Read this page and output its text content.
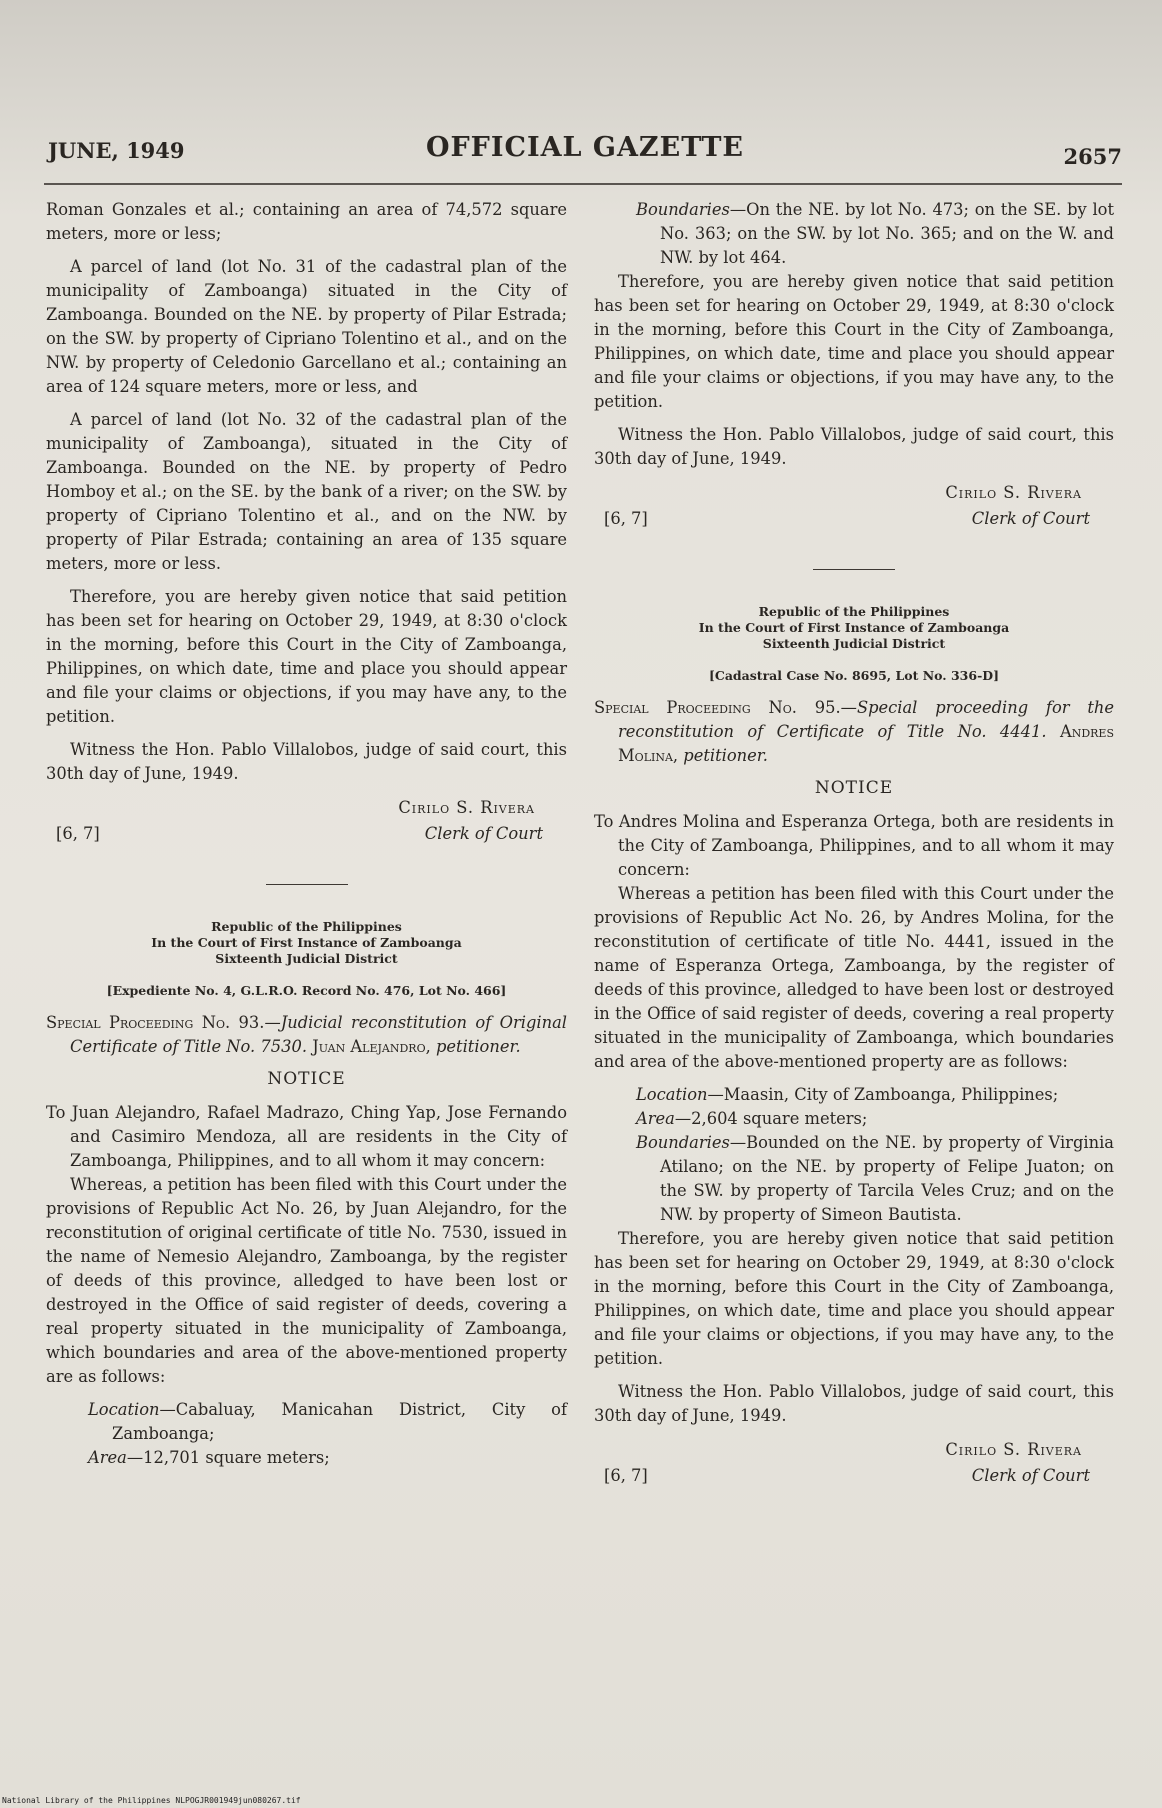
JUNE, 1949	OFFICIAL GAZETTE	2657

Roman Gonzales et al.; containing an area of 74,572 square meters, more or less;

A parcel of land (lot No. 31 of the cadastral plan of the municipality of Zamboanga) situated in the City of Zamboanga. Bounded on the NE. by property of Pilar Estrada; on the SW. by property of Cipriano Tolentino et al., and on the NW. by property of Celedonio Garcellano et al.; containing an area of 124 square meters, more or less, and

A parcel of land (lot No. 32 of the cadastral plan of the municipality of Zamboanga), situated in the City of Zamboanga. Bounded on the NE. by property of Pedro Homboy et al.; on the SE. by the bank of a river; on the SW. by property of Cipriano Tolentino et al., and on the NW. by property of Pilar Estrada; containing an area of 135 square meters, more or less.

Therefore, you are hereby given notice that said petition has been set for hearing on October 29, 1949, at 8:30 o'clock in the morning, before this Court in the City of Zamboanga, Philippines, on which date, time and place you should appear and file your claims or objections, if you may have any, to the petition.

Witness the Hon. Pablo Villalobos, judge of said court, this 30th day of June, 1949.

Cirilo S. Rivera
[6, 7]	Clerk of Court

Republic of the Philippines

In the Court of First Instance of Zamboanga

Sixteenth Judicial District

[Expediente No. 4, G.L.R.O. Record No. 476, Lot No. 466]

Special Proceeding No. 93.—Judicial reconstitution of Original Certificate of Title No. 7530. Juan Alejandro, petitioner.

NOTICE

To Juan Alejandro, Rafael Madrazo, Ching Yap, Jose Fernando and Casimiro Mendoza, all are residents in the City of Zamboanga, Philippines, and to all whom it may concern:

Whereas, a petition has been filed with this Court under the provisions of Republic Act No. 26, by Juan Alejandro, for the reconstitution of original certificate of title No. 7530, issued in the name of Nemesio Alejandro, Zamboanga, by the register of deeds of this province, alledged to have been lost or destroyed in the Office of said register of deeds, covering a real property situated in the municipality of Zamboanga, which boundaries and area of the above-mentioned property are as follows:

Location—Cabaluay, Manicahan District, City of Zamboanga;

Area—12,701 square meters;

Boundaries—On the NE. by lot No. 473; on the SE. by lot No. 363; on the SW. by lot No. 365; and on the W. and NW. by lot 464.

Therefore, you are hereby given notice that said petition has been set for hearing on October 29, 1949, at 8:30 o'clock in the morning, before this Court in the City of Zamboanga, Philippines, on which date, time and place you should appear and file your claims or objections, if you may have any, to the petition.

Witness the Hon. Pablo Villalobos, judge of said court, this 30th day of June, 1949.

Cirilo S. Rivera
[6, 7]	Clerk of Court

Republic of the Philippines

In the Court of First Instance of Zamboanga

Sixteenth Judicial District

[Cadastral Case No. 8695, Lot No. 336-D]

Special Proceeding No. 95.—Special proceeding for the reconstitution of Certificate of Title No. 4441. Andres Molina, petitioner.

NOTICE

To Andres Molina and Esperanza Ortega, both are residents in the City of Zamboanga, Philippines, and to all whom it may concern:

Whereas a petition has been filed with this Court under the provisions of Republic Act No. 26, by Andres Molina, for the reconstitution of certificate of title No. 4441, issued in the name of Esperanza Ortega, Zamboanga, by the register of deeds of this province, alledged to have been lost or destroyed in the Office of said register of deeds, covering a real property situated in the municipality of Zamboanga, which boundaries and area of the above-mentioned property are as follows:

Location—Maasin, City of Zamboanga, Philippines;

Area—2,604 square meters;

Boundaries—Bounded on the NE. by property of Virginia Atilano; on the NE. by property of Felipe Juaton; on the SW. by property of Tarcila Veles Cruz; and on the NW. by property of Simeon Bautista.

Therefore, you are hereby given notice that said petition has been set for hearing on October 29, 1949, at 8:30 o'clock in the morning, before this Court in the City of Zamboanga, Philippines, on which date, time and place you should appear and file your claims or objections, if you may have any, to the petition.

Witness the Hon. Pablo Villalobos, judge of said court, this 30th day of June, 1949.

Cirilo S. Rivera
[6, 7]	Clerk of Court
National Library of the Philippines NLPOGJR001949jun080267.tif
